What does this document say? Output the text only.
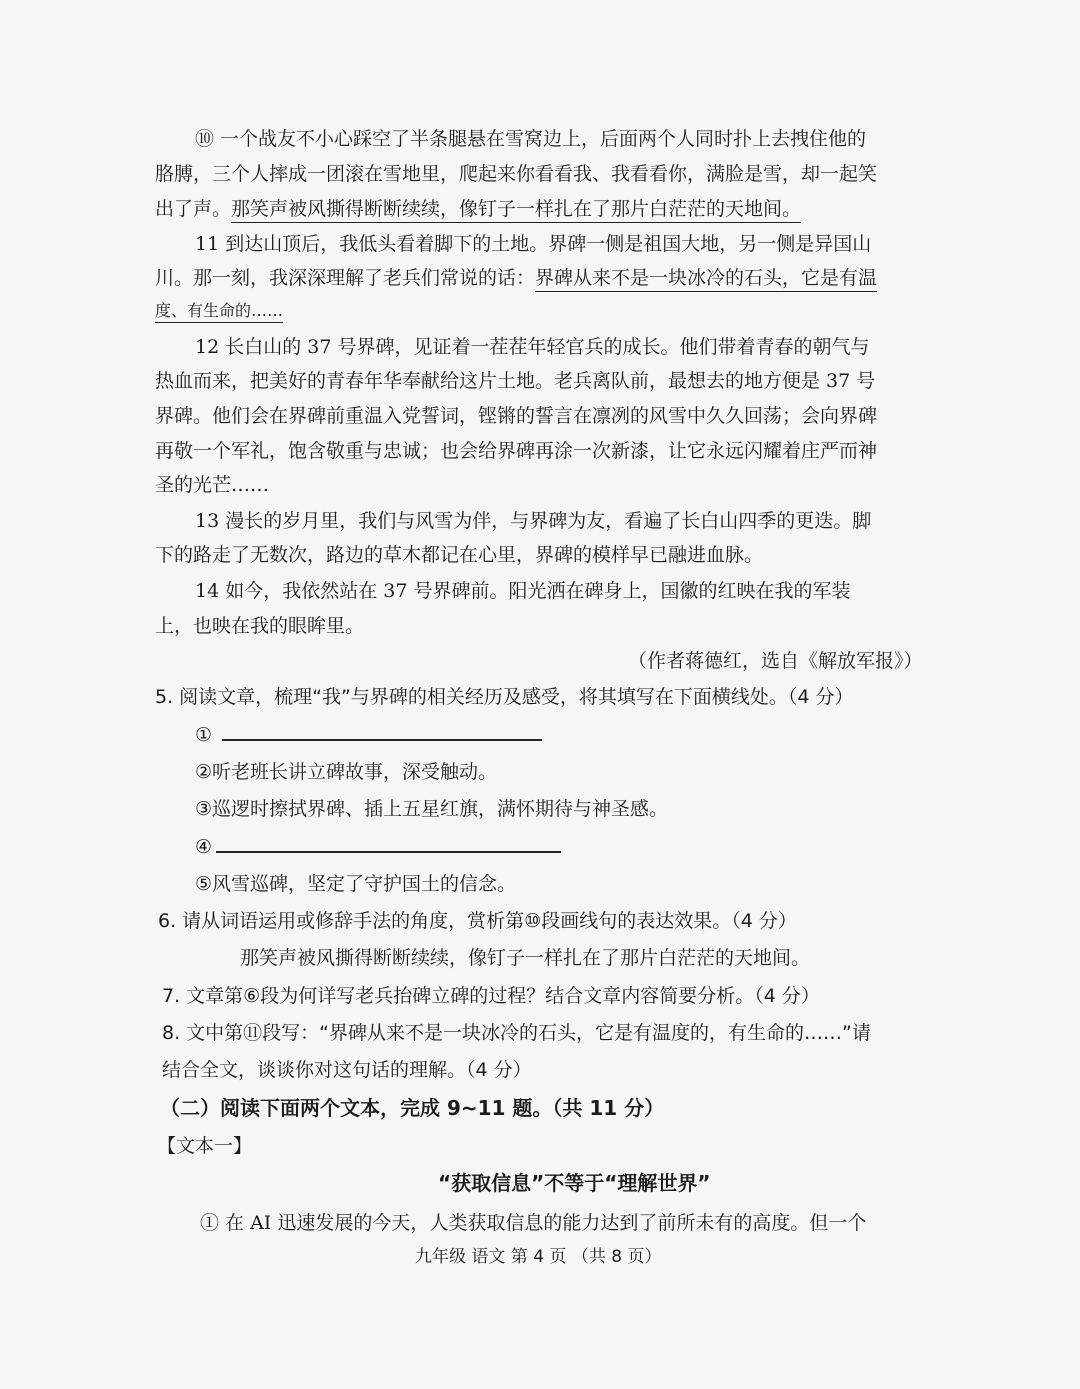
⑩ 一个战友不小心踩空了半条腿悬在雪窝边上，后面两个人同时扑上去拽住他的
胳膊，三个人摔成一团滚在雪地里，爬起来你看看我、我看看你，满脸是雪，却一起笑
出了声。那笑声被风撕得断断续续，像钉子一样扎在了那片白茫茫的天地间。
11 到达山顶后，我低头看着脚下的土地。界碑一侧是祖国大地，另一侧是异国山
川。那一刻，我深深理解了老兵们常说的话：界碑从来不是一块冰冷的石头，它是有温
度、有生命的……
12 长白山的 37 号界碑，见证着一茬茬年轻官兵的成长。他们带着青春的朝气与
热血而来，把美好的青春年华奉献给这片土地。老兵离队前，最想去的地方便是 37 号
界碑。他们会在界碑前重温入党誓词，铿锵的誓言在凛冽的风雪中久久回荡；会向界碑
再敬一个军礼，饱含敬重与忠诚；也会给界碑再涂一次新漆，让它永远闪耀着庄严而神
圣的光芒……
13 漫长的岁月里，我们与风雪为伴，与界碑为友，看遍了长白山四季的更迭。脚
下的路走了无数次，路边的草木都记在心里，界碑的模样早已融进血脉。
14 如今，我依然站在 37 号界碑前。阳光洒在碑身上，国徽的红映在我的军装
上，也映在我的眼眸里。
（作者蒋德红，选自《解放军报》）
5. 阅读文章，梳理“我”与界碑的相关经历及感受，将其填写在下面横线处。（4 分）
①
②听老班长讲立碑故事，深受触动。
③巡逻时擦拭界碑、插上五星红旗，满怀期待与神圣感。
④
⑤风雪巡碑，坚定了守护国土的信念。
6. 请从词语运用或修辞手法的角度，赏析第⑩段画线句的表达效果。（4 分）
那笑声被风撕得断断续续，像钉子一样扎在了那片白茫茫的天地间。
7. 文章第⑥段为何详写老兵抬碑立碑的过程？结合文章内容简要分析。（4 分）
8. 文中第⑪段写：“界碑从来不是一块冰冷的石头，它是有温度的，有生命的……”请
结合全文，谈谈你对这句话的理解。（4 分）
（二）阅读下面两个文本，完成 9~11 题。（共 11 分）
【文本一】
“获取信息”不等于“理解世界”
① 在 AI 迅速发展的今天，人类获取信息的能力达到了前所未有的高度。但一个
九年级 语文 第 4 页 （共 8 页）
